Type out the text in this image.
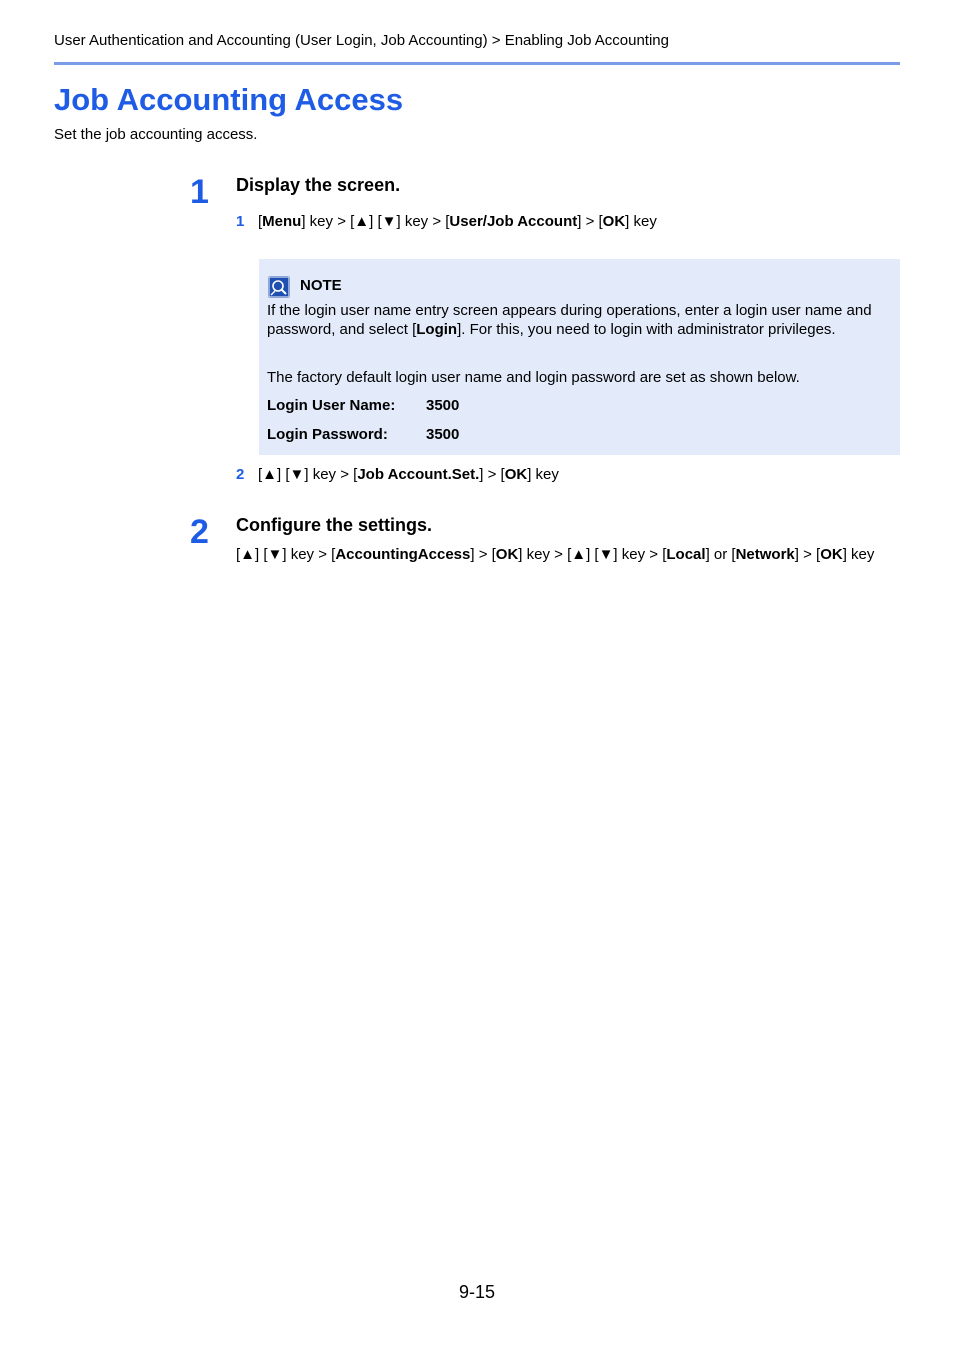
User Authentication and Accounting (User Login, Job Accounting) > Enabling Job Accounting
Job Accounting Access
Set the job accounting access.
1 Display the screen.
1 [Menu] key > [▲] [▼] key > [User/Job Account] > [OK] key
NOTE
If the login user name entry screen appears during operations, enter a login user name and password, and select [Login]. For this, you need to login with administrator privileges.
The factory default login user name and login password are set as shown below.
Login User Name: 3500
Login Password:	3500
2 [▲] [▼] key > [Job Account.Set.] > [OK] key
2 Configure the settings.
[▲] [▼] key > [AccountingAccess] > [OK] key > [▲] [▼] key > [Local] or [Network] > [OK] key
9-15
